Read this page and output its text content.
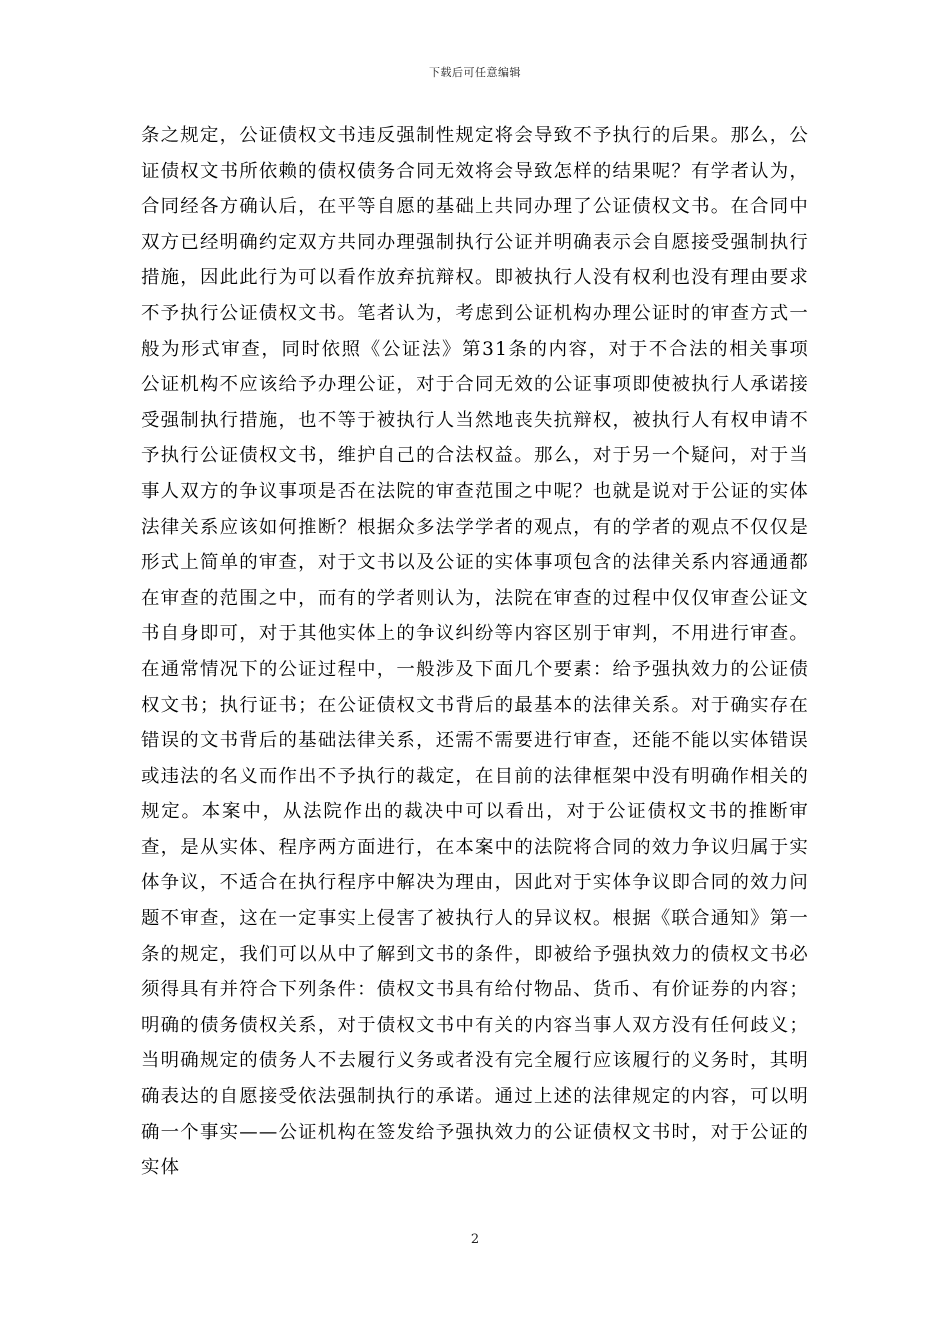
下载后可任意编辑

条之规定，公证债权文书违反强制性规定将会导致不予执行的后果。那么，公证债权文书所依赖的债权债务合同无效将会导致怎样的结果呢？有学者认为，合同经各方确认后，在平等自愿的基础上共同办理了公证债权文书。在合同中双方已经明确约定双方共同办理强制执行公证并明确表示会自愿接受强制执行措施，因此此行为可以看作放弃抗辩权。即被执行人没有权利也没有理由要求不予执行公证债权文书。笔者认为，考虑到公证机构办理公证时的审查方式一般为形式审查，同时依照《公证法》第31条的内容，对于不合法的相关事项公证机构不应该给予办理公证，对于合同无效的公证事项即使被执行人承诺接受强制执行措施，也不等于被执行人当然地丧失抗辩权，被执行人有权申请不予执行公证债权文书，维护自己的合法权益。那么，对于另一个疑问，对于当事人双方的争议事项是否在法院的审查范围之中呢？也就是说对于公证的实体法律关系应该如何推断？根据众多法学学者的观点，有的学者的观点不仅仅是形式上简单的审查，对于文书以及公证的实体事项包含的法律关系内容通通都在审查的范围之中，而有的学者则认为，法院在审查的过程中仅仅审查公证文书自身即可，对于其他实体上的争议纠纷等内容区别于审判，不用进行审查。在通常情况下的公证过程中，一般涉及下面几个要素：给予强执效力的公证债权文书；执行证书；在公证债权文书背后的最基本的法律关系。对于确实存在错误的文书背后的基础法律关系，还需不需要进行审查，还能不能以实体错误或违法的名义而作出不予执行的裁定，在目前的法律框架中没有明确作相关的规定。本案中，从法院作出的裁决中可以看出，对于公证债权文书的推断审查，是从实体、程序两方面进行，在本案中的法院将合同的效力争议归属于实体争议，不适合在执行程序中解决为理由，因此对于实体争议即合同的效力问题不审查，这在一定事实上侵害了被执行人的异议权。根据《联合通知》第一条的规定，我们可以从中了解到文书的条件，即被给予强执效力的债权文书必须得具有并符合下列条件：债权文书具有给付物品、货币、有价证券的内容；明确的债务债权关系，对于债权文书中有关的内容当事人双方没有任何歧义；当明确规定的债务人不去履行义务或者没有完全履行应该履行的义务时，其明确表达的自愿接受依法强制执行的承诺。通过上述的法律规定的内容，可以明确一个事实——公证机构在签发给予强执效力的公证债权文书时，对于公证的实体

2
